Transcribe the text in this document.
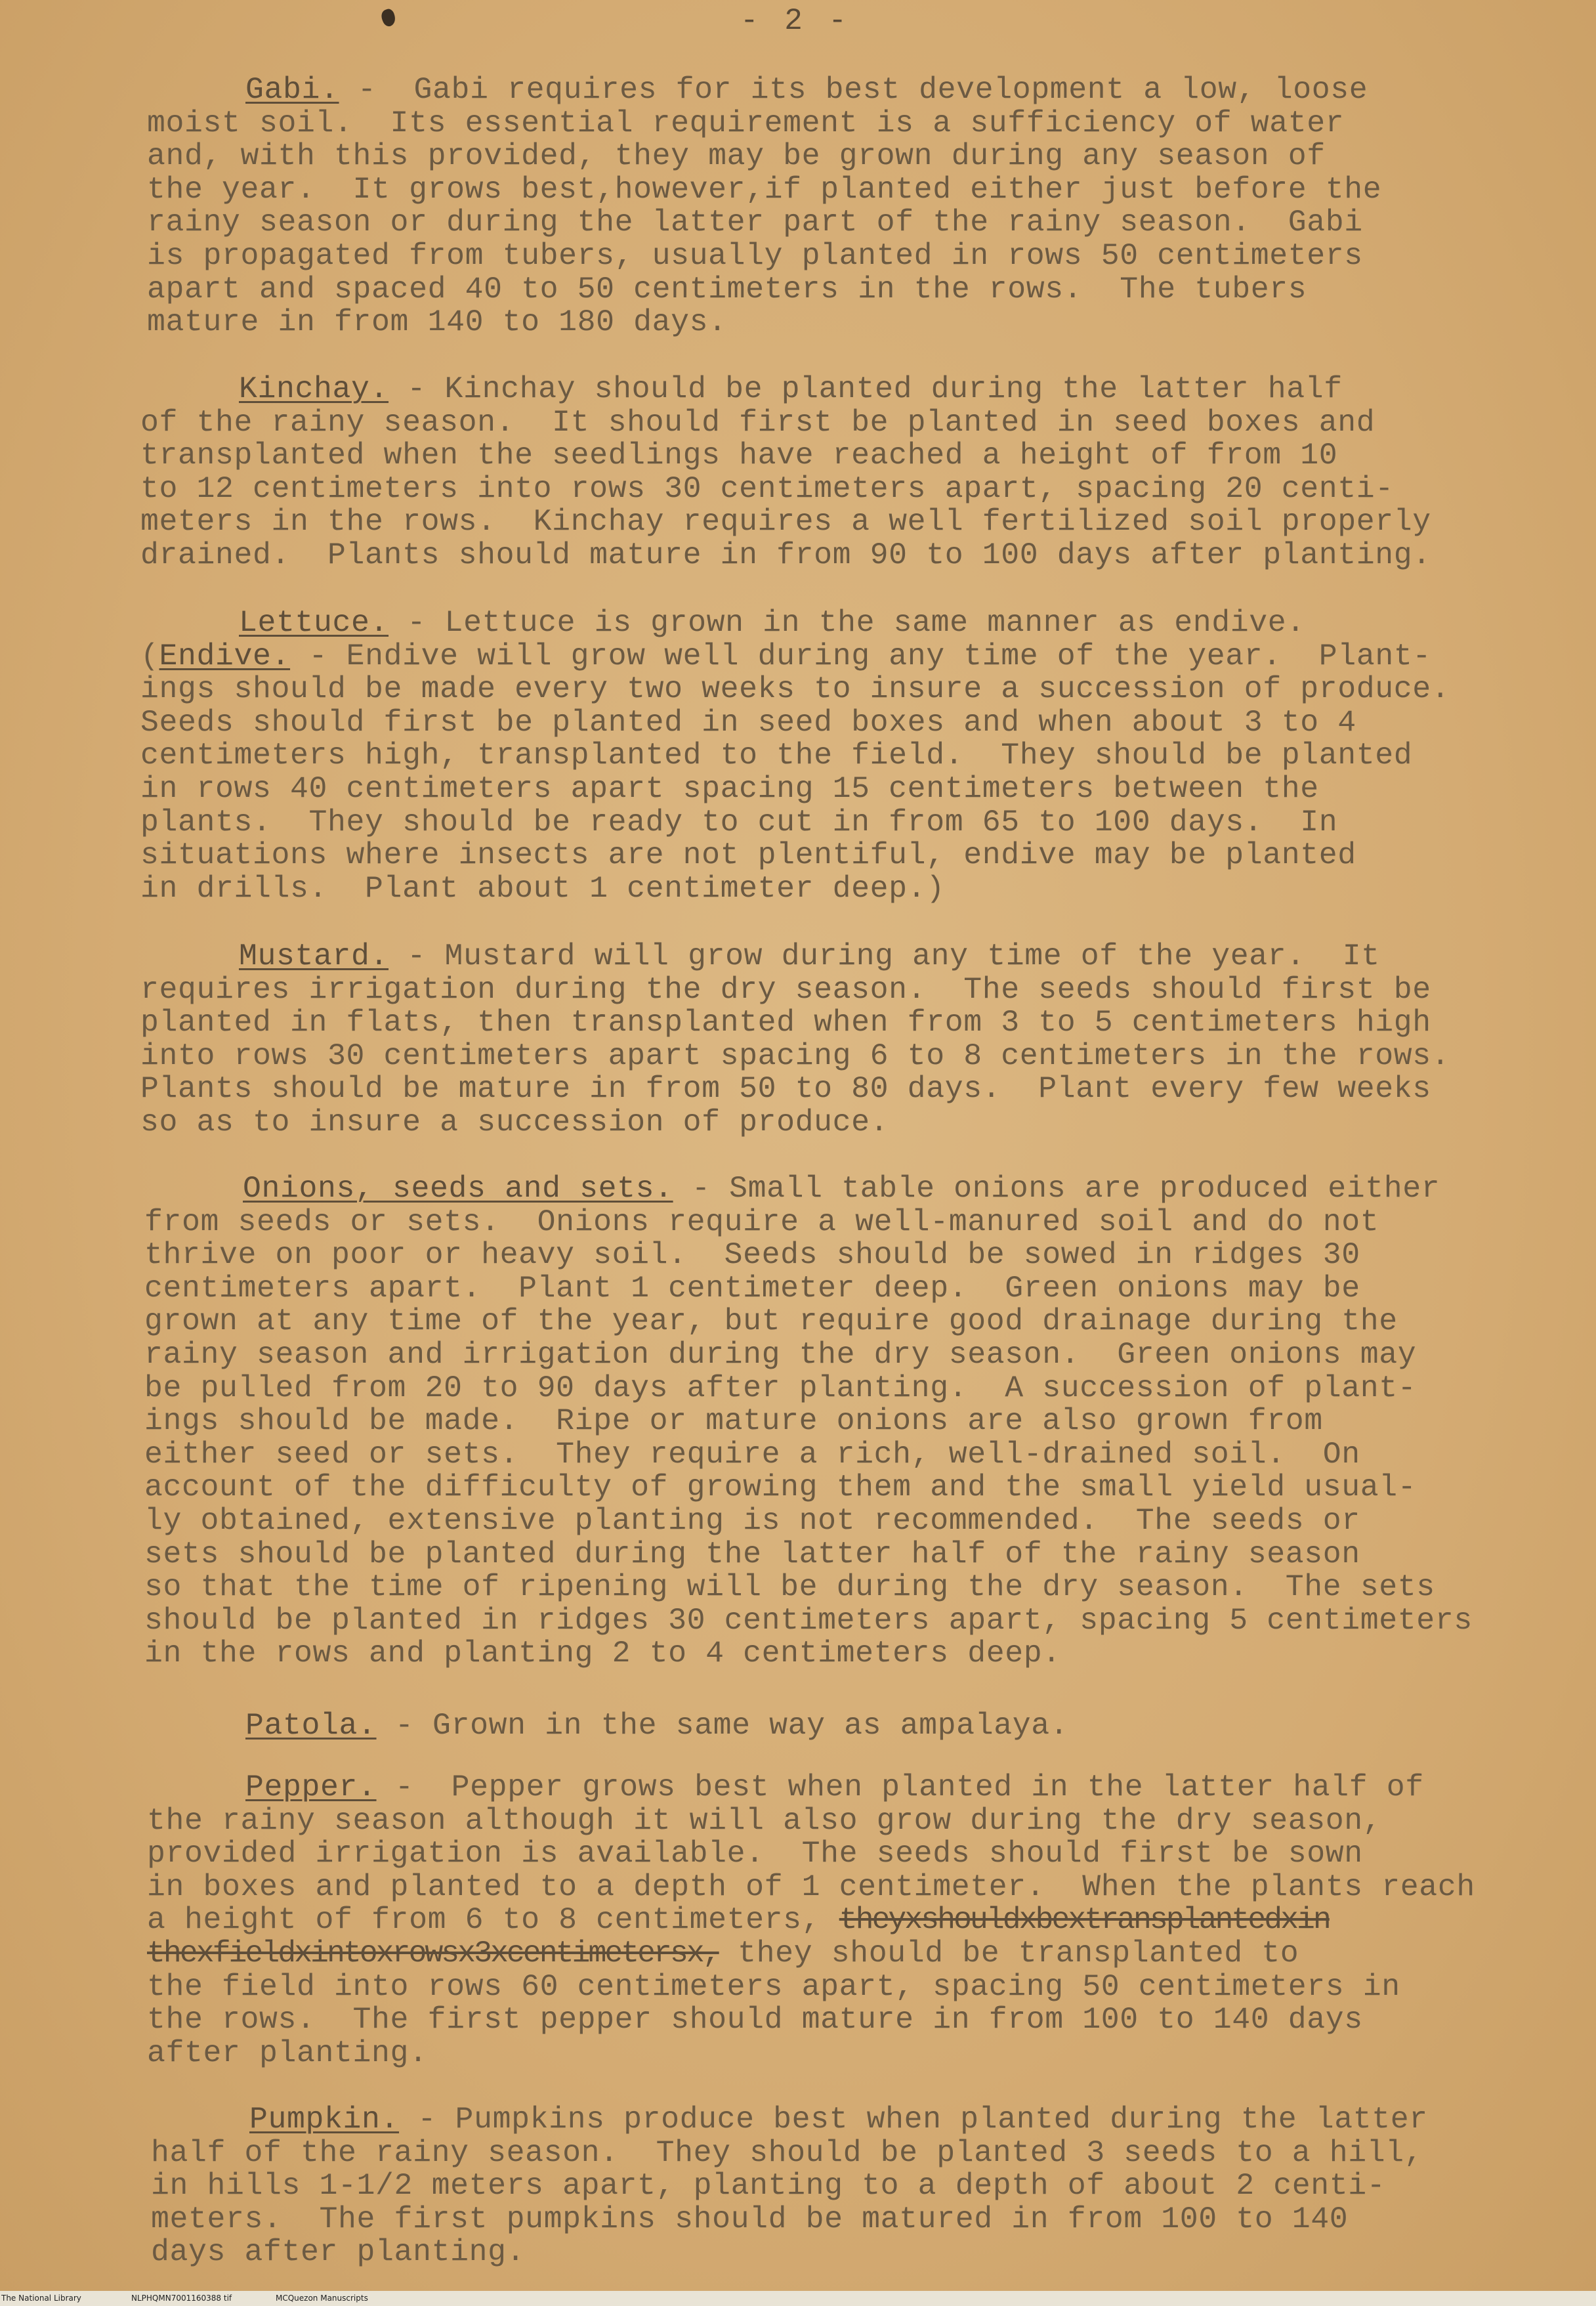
- 2 -
Gabi. -  Gabi requires for its best development a low, loose
moist soil.  Its essential requirement is a sufficiency of water
and, with this provided, they may be grown during any season of
the year.  It grows best,however,if planted either just before the
rainy season or during the latter part of the rainy season.  Gabi
is propagated from tubers, usually planted in rows 50 centimeters
apart and spaced 40 to 50 centimeters in the rows.  The tubers
mature in from 140 to 180 days.
Kinchay. - Kinchay should be planted during the latter half
of the rainy season.  It should first be planted in seed boxes and
transplanted when the seedlings have reached a height of from 10
to 12 centimeters into rows 30 centimeters apart, spacing 20 centi-
meters in the rows.  Kinchay requires a well fertilized soil properly
drained.  Plants should mature in from 90 to 100 days after planting.
Lettuce. - Lettuce is grown in the same manner as endive.
(Endive. - Endive will grow well during any time of the year.  Plant-
ings should be made every two weeks to insure a succession of produce.
Seeds should first be planted in seed boxes and when about 3 to 4
centimeters high, transplanted to the field.  They should be planted
in rows 40 centimeters apart spacing 15 centimeters between the
plants.  They should be ready to cut in from 65 to 100 days.  In
situations where insects are not plentiful, endive may be planted
in drills.  Plant about 1 centimeter deep.)
Mustard. - Mustard will grow during any time of the year.  It
requires irrigation during the dry season.  The seeds should first be
planted in flats, then transplanted when from 3 to 5 centimeters high
into rows 30 centimeters apart spacing 6 to 8 centimeters in the rows.
Plants should be mature in from 50 to 80 days.  Plant every few weeks
so as to insure a succession of produce.
Onions, seeds and sets. - Small table onions are produced either
from seeds or sets.  Onions require a well-manured soil and do not
thrive on poor or heavy soil.  Seeds should be sowed in ridges 30
centimeters apart.  Plant 1 centimeter deep.  Green onions may be
grown at any time of the year, but require good drainage during the
rainy season and irrigation during the dry season.  Green onions may
be pulled from 20 to 90 days after planting.  A succession of plant-
ings should be made.  Ripe or mature onions are also grown from
either seed or sets.  They require a rich, well-drained soil.  On
account of the difficulty of growing them and the small yield usual-
ly obtained, extensive planting is not recommended.  The seeds or
sets should be planted during the latter half of the rainy season
so that the time of ripening will be during the dry season.  The sets
should be planted in ridges 30 centimeters apart, spacing 5 centimeters
in the rows and planting 2 to 4 centimeters deep.

Patola. - Grown in the same way as ampalaya.
Pepper. -  Pepper grows best when planted in the latter half of
the rainy season although it will also grow during the dry season,
provided irrigation is available.  The seeds should first be sown
in boxes and planted to a depth of 1 centimeter.  When the plants reach
a height of from 6 to 8 centimeters, theyxshouldxbextransplantedxin
thexfieldxintoxrowsx3xcentimetersx, they should be transplanted to
the field into rows 60 centimeters apart, spacing 50 centimeters in
the rows.  The first pepper should mature in from 100 to 140 days
after planting.
Pumpkin. - Pumpkins produce best when planted during the latter
half of the rainy season.  They should be planted 3 seeds to a hill,
in hills 1-1/2 meters apart, planting to a depth of about 2 centi-
meters.  The first pumpkins should be matured in from 100 to 140
days after planting.
The National Library	NLPHQMN7001160388 tif	MCQuezon Manuscripts
